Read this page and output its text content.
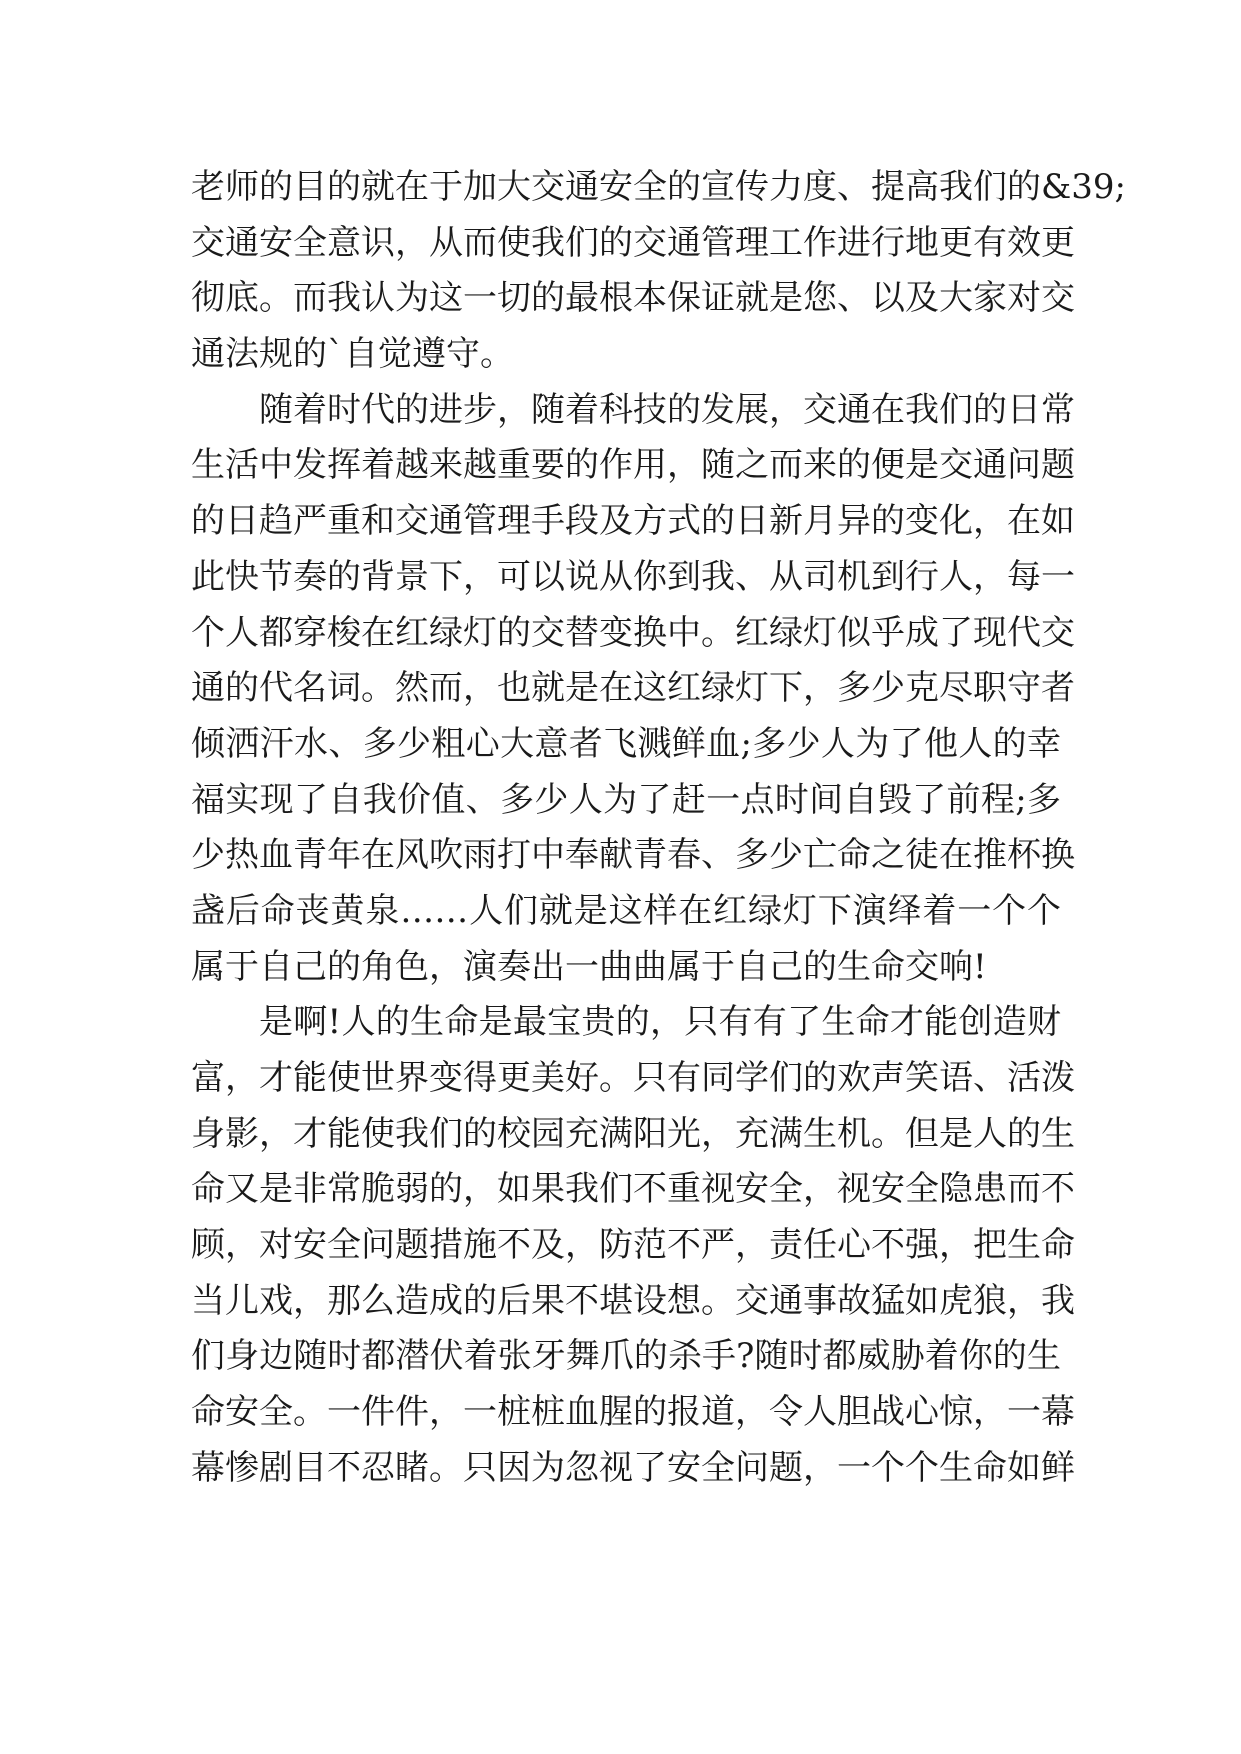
老师的目的就在于加大交通安全的宣传力度、提高我们的&39;
交通安全意识，从而使我们的交通管理工作进行地更有效更
彻底。而我认为这一切的最根本保证就是您、以及大家对交
通法规的`自觉遵守。
随着时代的进步，随着科技的发展，交通在我们的日常
生活中发挥着越来越重要的作用，随之而来的便是交通问题
的日趋严重和交通管理手段及方式的日新月异的变化，在如
此快节奏的背景下，可以说从你到我、从司机到行人，每一
个人都穿梭在红绿灯的交替变换中。红绿灯似乎成了现代交
通的代名词。然而，也就是在这红绿灯下，多少克尽职守者
倾洒汗水、多少粗心大意者飞溅鲜血;多少人为了他人的幸
福实现了自我价值、多少人为了赶一点时间自毁了前程;多
少热血青年在风吹雨打中奉献青春、多少亡命之徒在推杯换
盏后命丧黄泉……人们就是这样在红绿灯下演绎着一个个
属于自己的角色，演奏出一曲曲属于自己的生命交响!
是啊!人的生命是最宝贵的，只有有了生命才能创造财
富，才能使世界变得更美好。只有同学们的欢声笑语、活泼
身影，才能使我们的校园充满阳光，充满生机。但是人的生
命又是非常脆弱的，如果我们不重视安全，视安全隐患而不
顾，对安全问题措施不及，防范不严，责任心不强，把生命
当儿戏，那么造成的后果不堪设想。交通事故猛如虎狼，我
们身边随时都潜伏着张牙舞爪的杀手?随时都威胁着你的生
命安全。一件件，一桩桩血腥的报道，令人胆战心惊，一幕
幕惨剧目不忍睹。只因为忽视了安全问题，一个个生命如鲜
